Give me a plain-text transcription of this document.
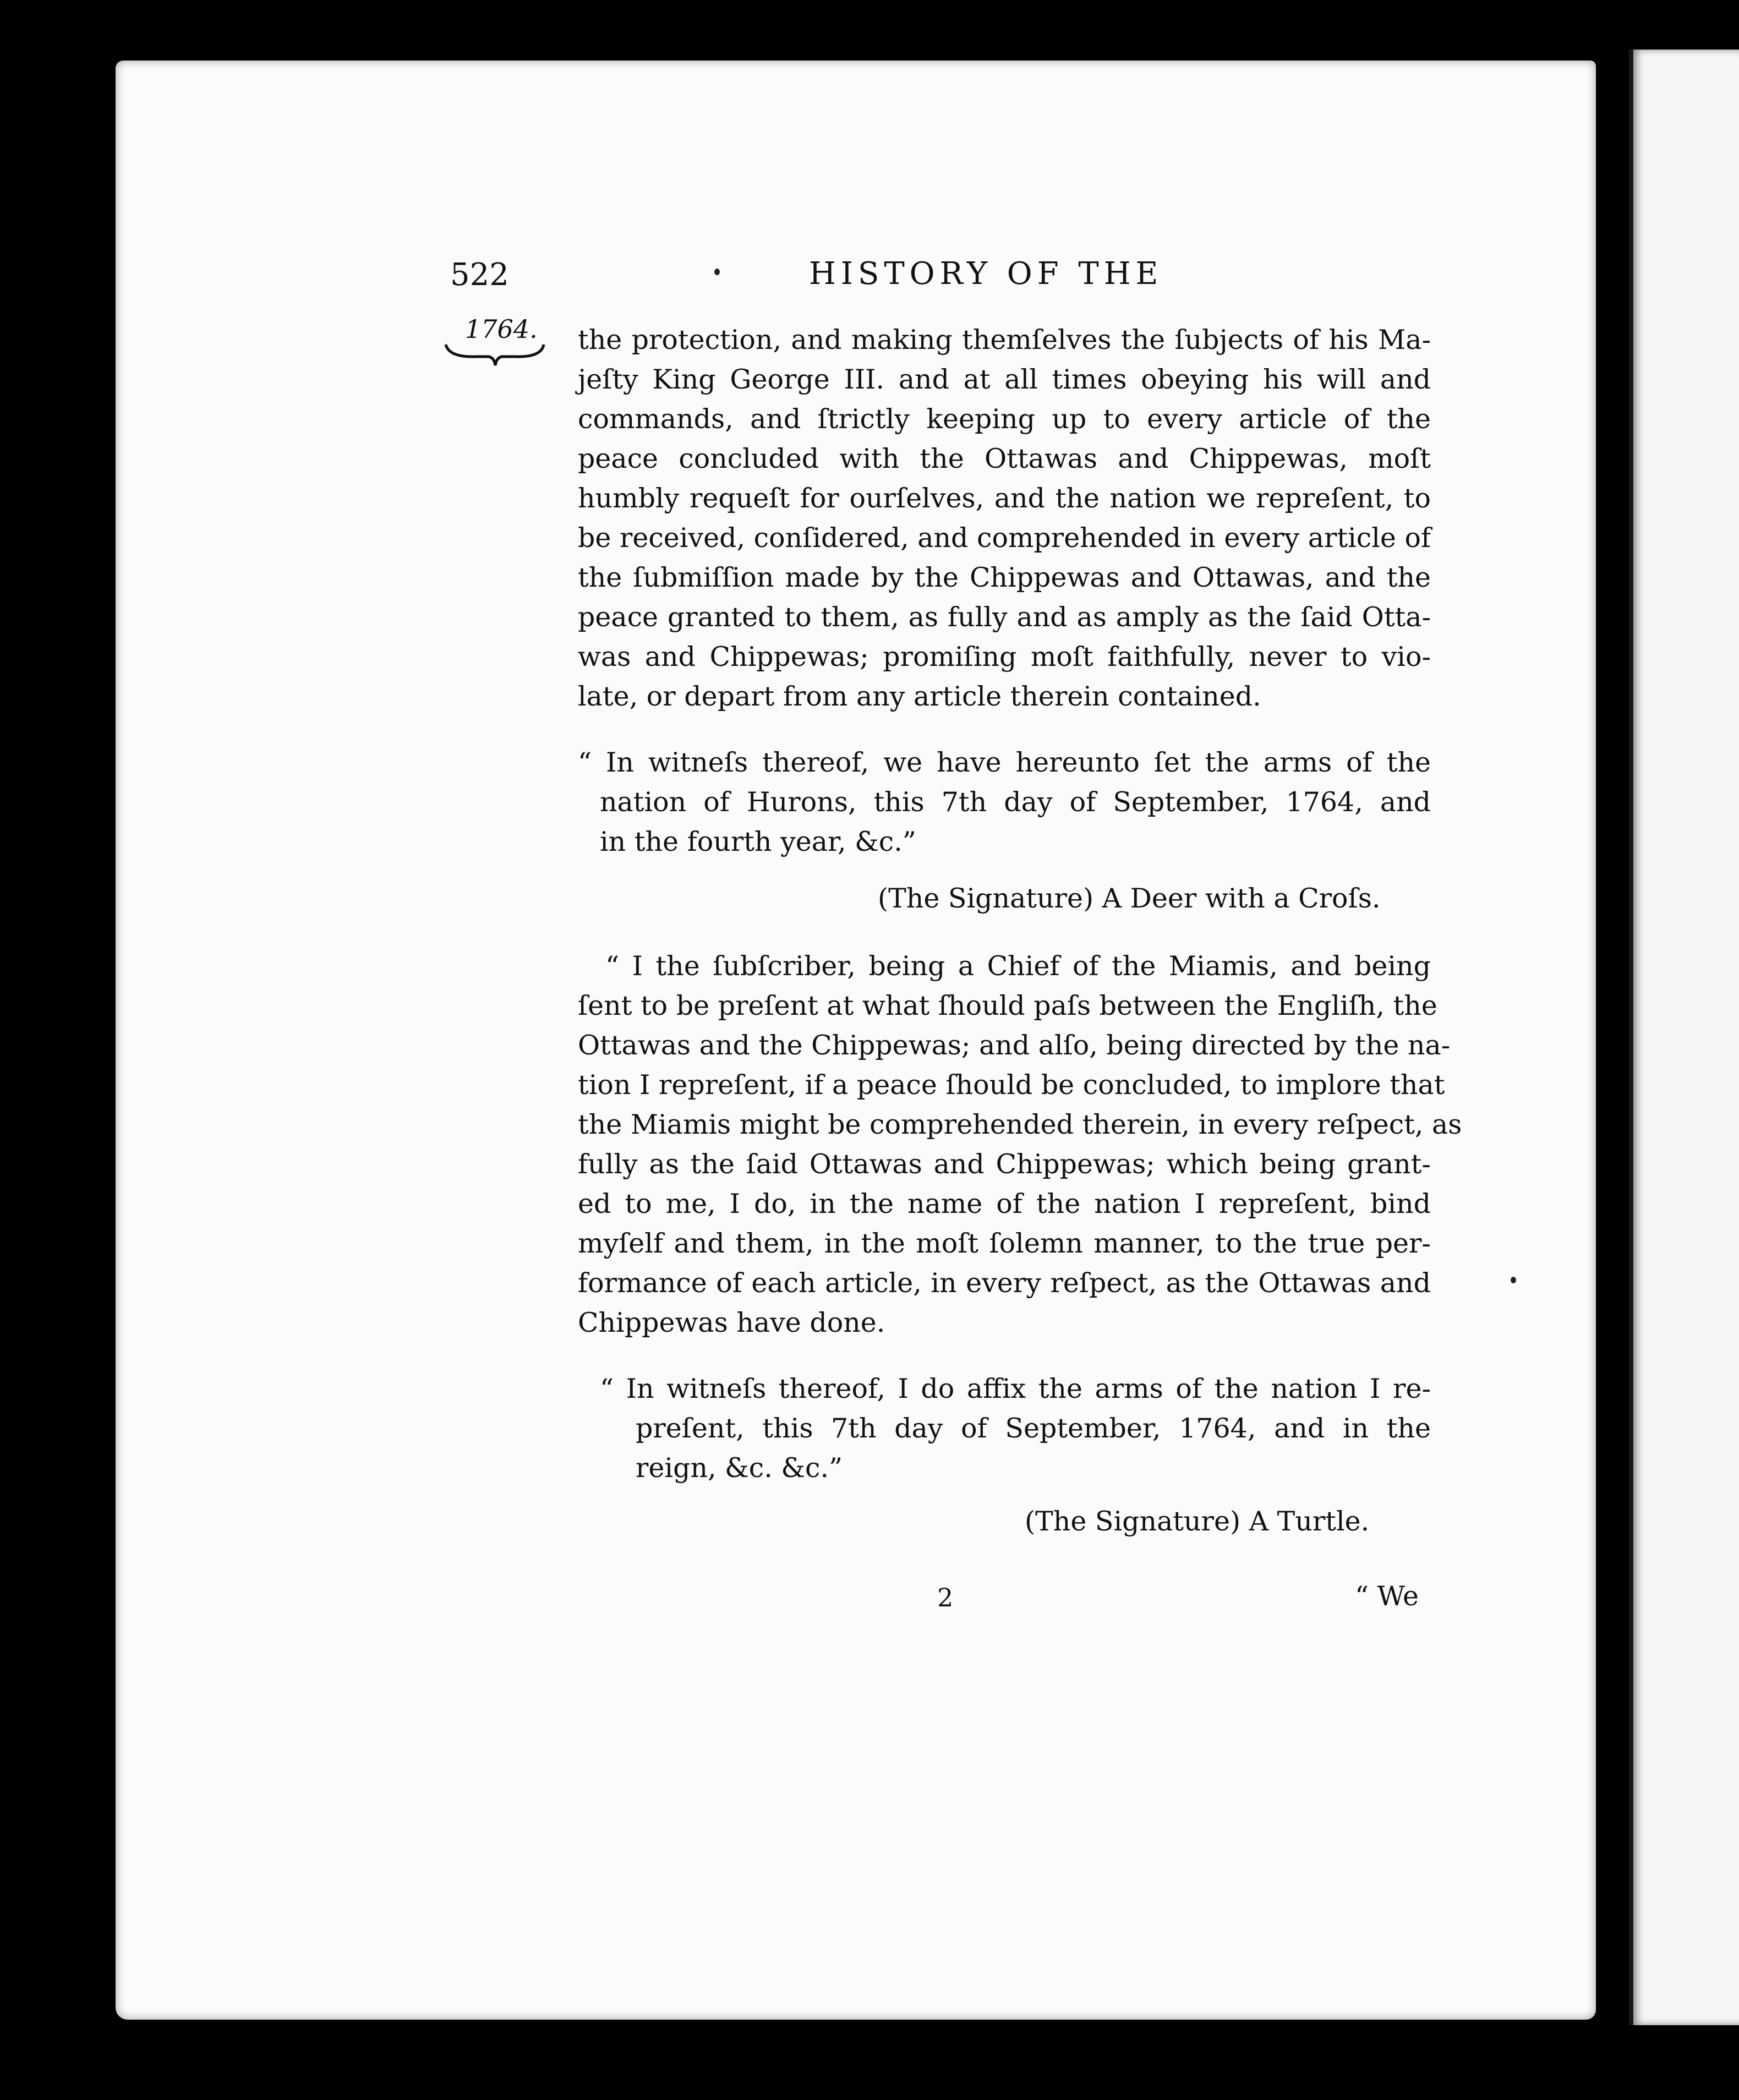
522	HISTORY OF THE
1764. the protection, and making themſelves the ſubjects of his Ma-
jeſty King George III. and at all times obeying his will and
commands, and ſtrictly keeping up to every article of the
peace concluded with the Ottawas and Chippewas, moſt
humbly requeſt for ourſelves, and the nation we repreſent, to
be received, conſidered, and comprehended in every article of
the ſubmiſſion made by the Chippewas and Ottawas, and the
peace granted to them, as fully and as amply as the ſaid Otta-
was and Chippewas; promiſing moſt faithfully, never to vio-
late, or depart from any article therein contained.
“ In witneſs thereof, we have hereunto ſet the arms of the
nation of Hurons, this 7th day of September, 1764, and
in the fourth year, &c.”
(The Signature) A Deer with a Croſs.
“ I the ſubſcriber, being a Chief of the Miamis, and being
ſent to be preſent at what ſhould paſs between the Engliſh, the
Ottawas and the Chippewas; and alſo, being directed by the na-
tion I repreſent, if a peace ſhould be concluded, to implore that
the Miamis might be comprehended therein, in every reſpect, as
fully as the ſaid Ottawas and Chippewas; which being grant-
ed to me, I do, in the name of the nation I repreſent, bind
myſelf and them, in the moſt ſolemn manner, to the true per-
formance of each article, in every reſpect, as the Ottawas and
Chippewas have done.
“ In witneſs thereof, I do affix the arms of the nation I re-
preſent, this 7th day of September, 1764, and in the
reign, &c. &c.”
(The Signature) A Turtle.
2	“ We
